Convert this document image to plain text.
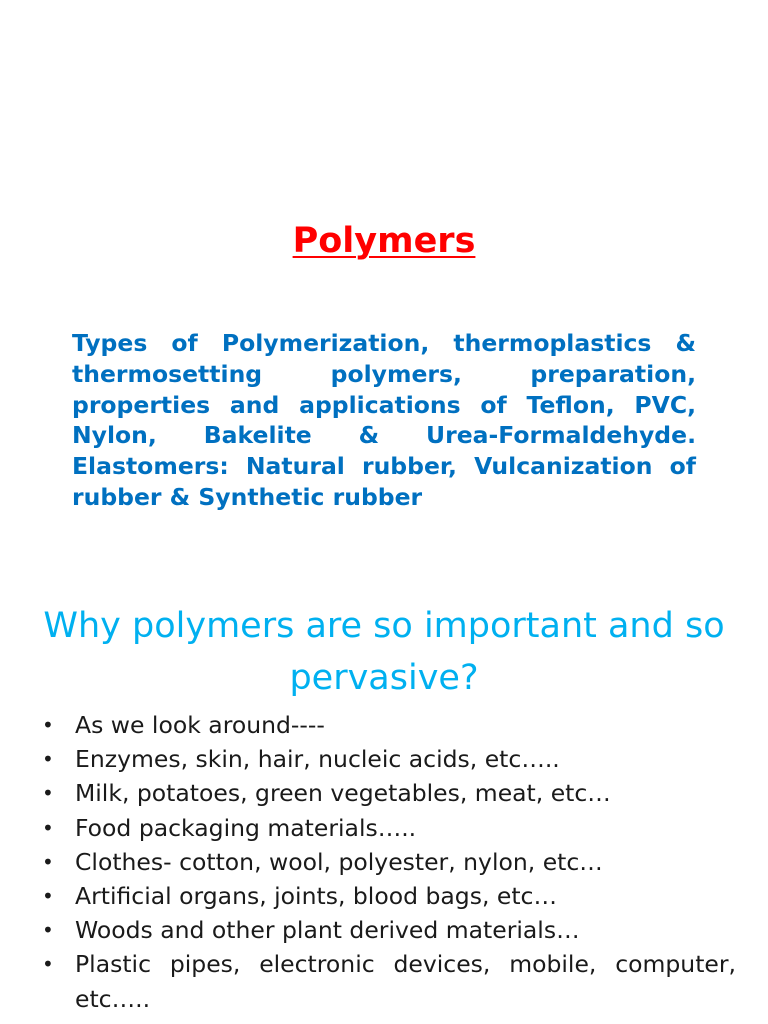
Polymers

Types of Polymerization, thermoplastics & thermosetting polymers, preparation, properties and applications of Teflon, PVC, Nylon, Bakelite & Urea-Formaldehyde. Elastomers: Natural rubber, Vulcanization of rubber & Synthetic rubber

Why polymers are so important and so pervasive?
• As we look around----
• Enzymes, skin, hair, nucleic acids, etc…..
• Milk, potatoes, green vegetables, meat, etc…
• Food packaging materials…..
• Clothes- cotton, wool, polyester, nylon, etc…
• Artificial organs, joints, blood bags, etc…
• Woods and other plant derived materials…
• Plastic pipes, electronic devices, mobile, computer, etc…..
